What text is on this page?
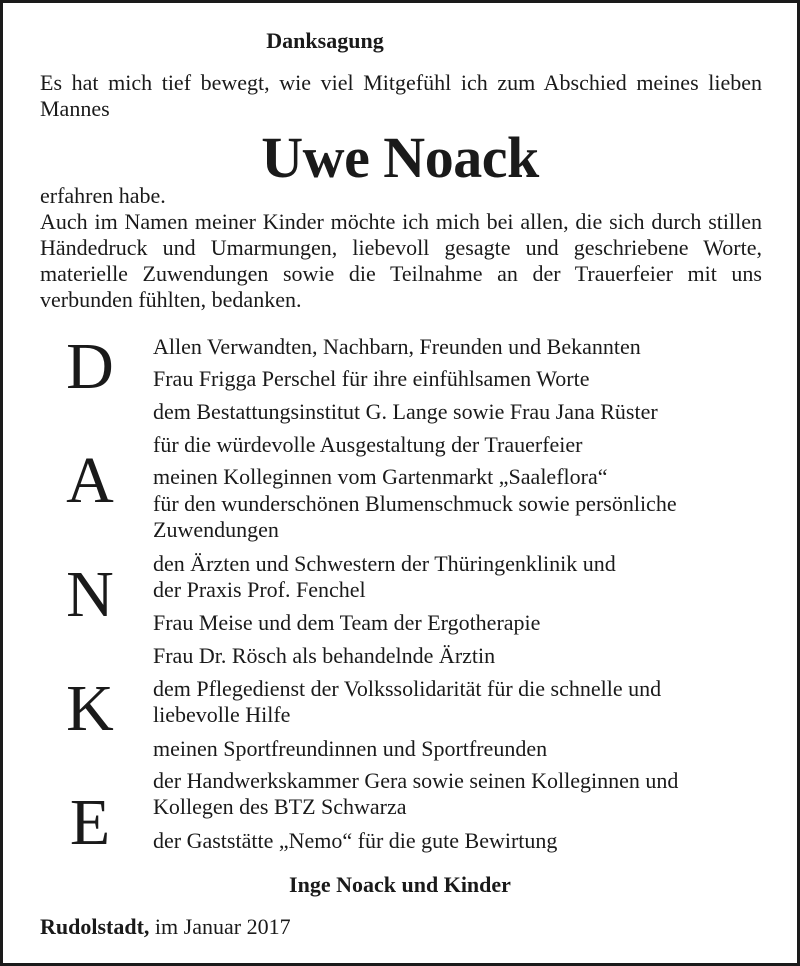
Danksagung
Es hat mich tief bewegt, wie viel Mitgefühl ich zum Abschied meines lieben Mannes
Uwe Noack
erfahren habe.
Auch im Namen meiner Kinder möchte ich mich bei allen, die sich durch stillen Händedruck und Umarmungen, liebevoll gesagte und geschriebene Worte, materielle Zuwendungen sowie die Teilnahme an der Trauerfeier mit uns verbunden fühlten, bedanken.
D
A
N
K
E
Allen Verwandten, Nachbarn, Freunden und Bekannten
Frau Frigga Perschel für ihre einfühlsamen Worte
dem Bestattungsinstitut G. Lange sowie Frau Jana Rüster
für die würdevolle Ausgestaltung der Trauerfeier
meinen Kolleginnen vom Gartenmarkt „Saaleflora“
für den wunderschönen Blumenschmuck sowie persönliche
Zuwendungen
den Ärzten und Schwestern der Thüringenklinik und
der Praxis Prof. Fenchel
Frau Meise und dem Team der Ergotherapie
Frau Dr. Rösch als behandelnde Ärztin
dem Pflegedienst der Volkssolidarität für die schnelle und
liebevolle Hilfe
meinen Sportfreundinnen und Sportfreunden
der Handwerkskammer Gera sowie seinen Kolleginnen und
Kollegen des BTZ Schwarza
der Gaststätte „Nemo“ für die gute Bewirtung
Inge Noack und Kinder
Rudolstadt, im Januar 2017
